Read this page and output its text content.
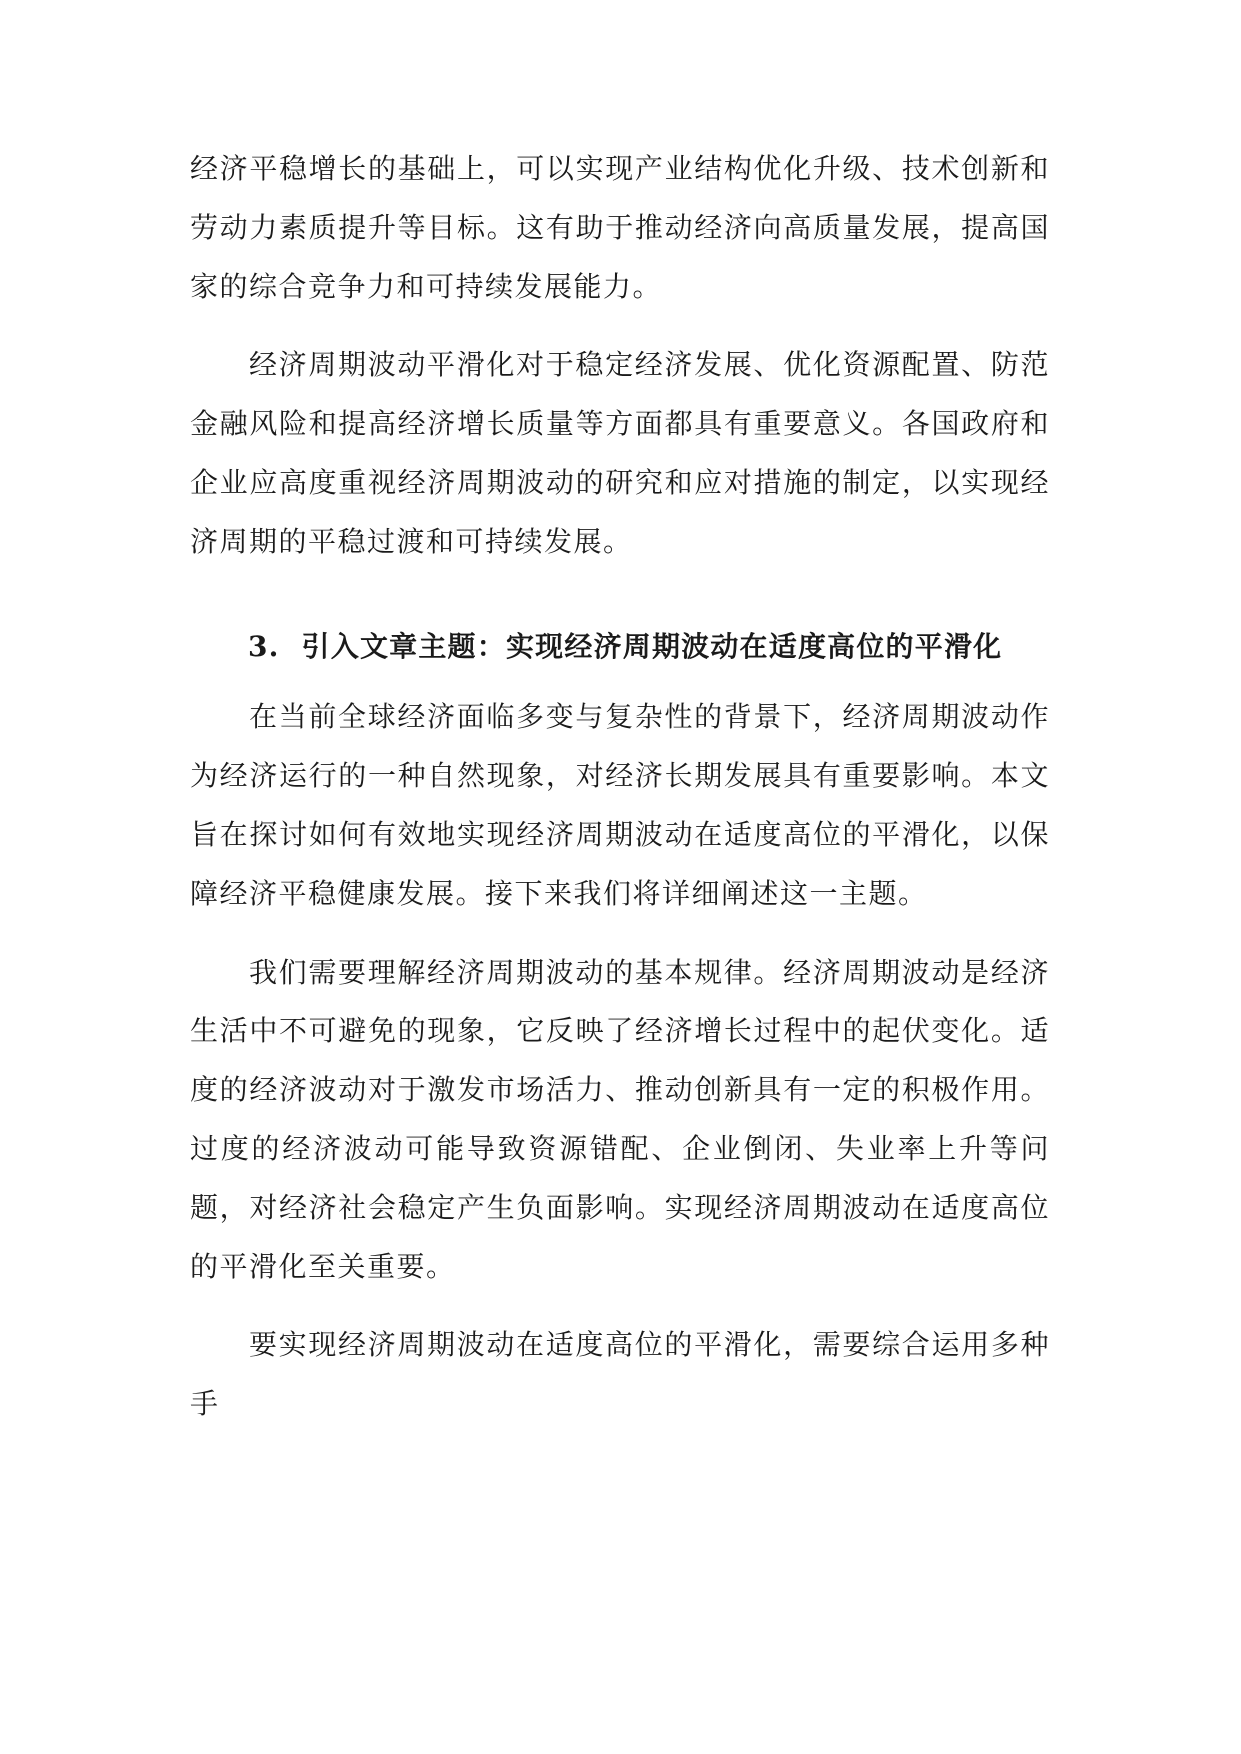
经济平稳增长的基础上，可以实现产业结构优化升级、技术创新和劳动力素质提升等目标。这有助于推动经济向高质量发展，提高国家的综合竞争力和可持续发展能力。

经济周期波动平滑化对于稳定经济发展、优化资源配置、防范金融风险和提高经济增长质量等方面都具有重要意义。各国政府和企业应高度重视经济周期波动的研究和应对措施的制定，以实现经济周期的平稳过渡和可持续发展。

3. 引入文章主题：实现经济周期波动在适度高位的平滑化

在当前全球经济面临多变与复杂性的背景下，经济周期波动作为经济运行的一种自然现象，对经济长期发展具有重要影响。本文旨在探讨如何有效地实现经济周期波动在适度高位的平滑化，以保障经济平稳健康发展。接下来我们将详细阐述这一主题。

我们需要理解经济周期波动的基本规律。经济周期波动是经济生活中不可避免的现象，它反映了经济增长过程中的起伏变化。适度的经济波动对于激发市场活力、推动创新具有一定的积极作用。过度的经济波动可能导致资源错配、企业倒闭、失业率上升等问题，对经济社会稳定产生负面影响。实现经济周期波动在适度高位的平滑化至关重要。

要实现经济周期波动在适度高位的平滑化，需要综合运用多种手
